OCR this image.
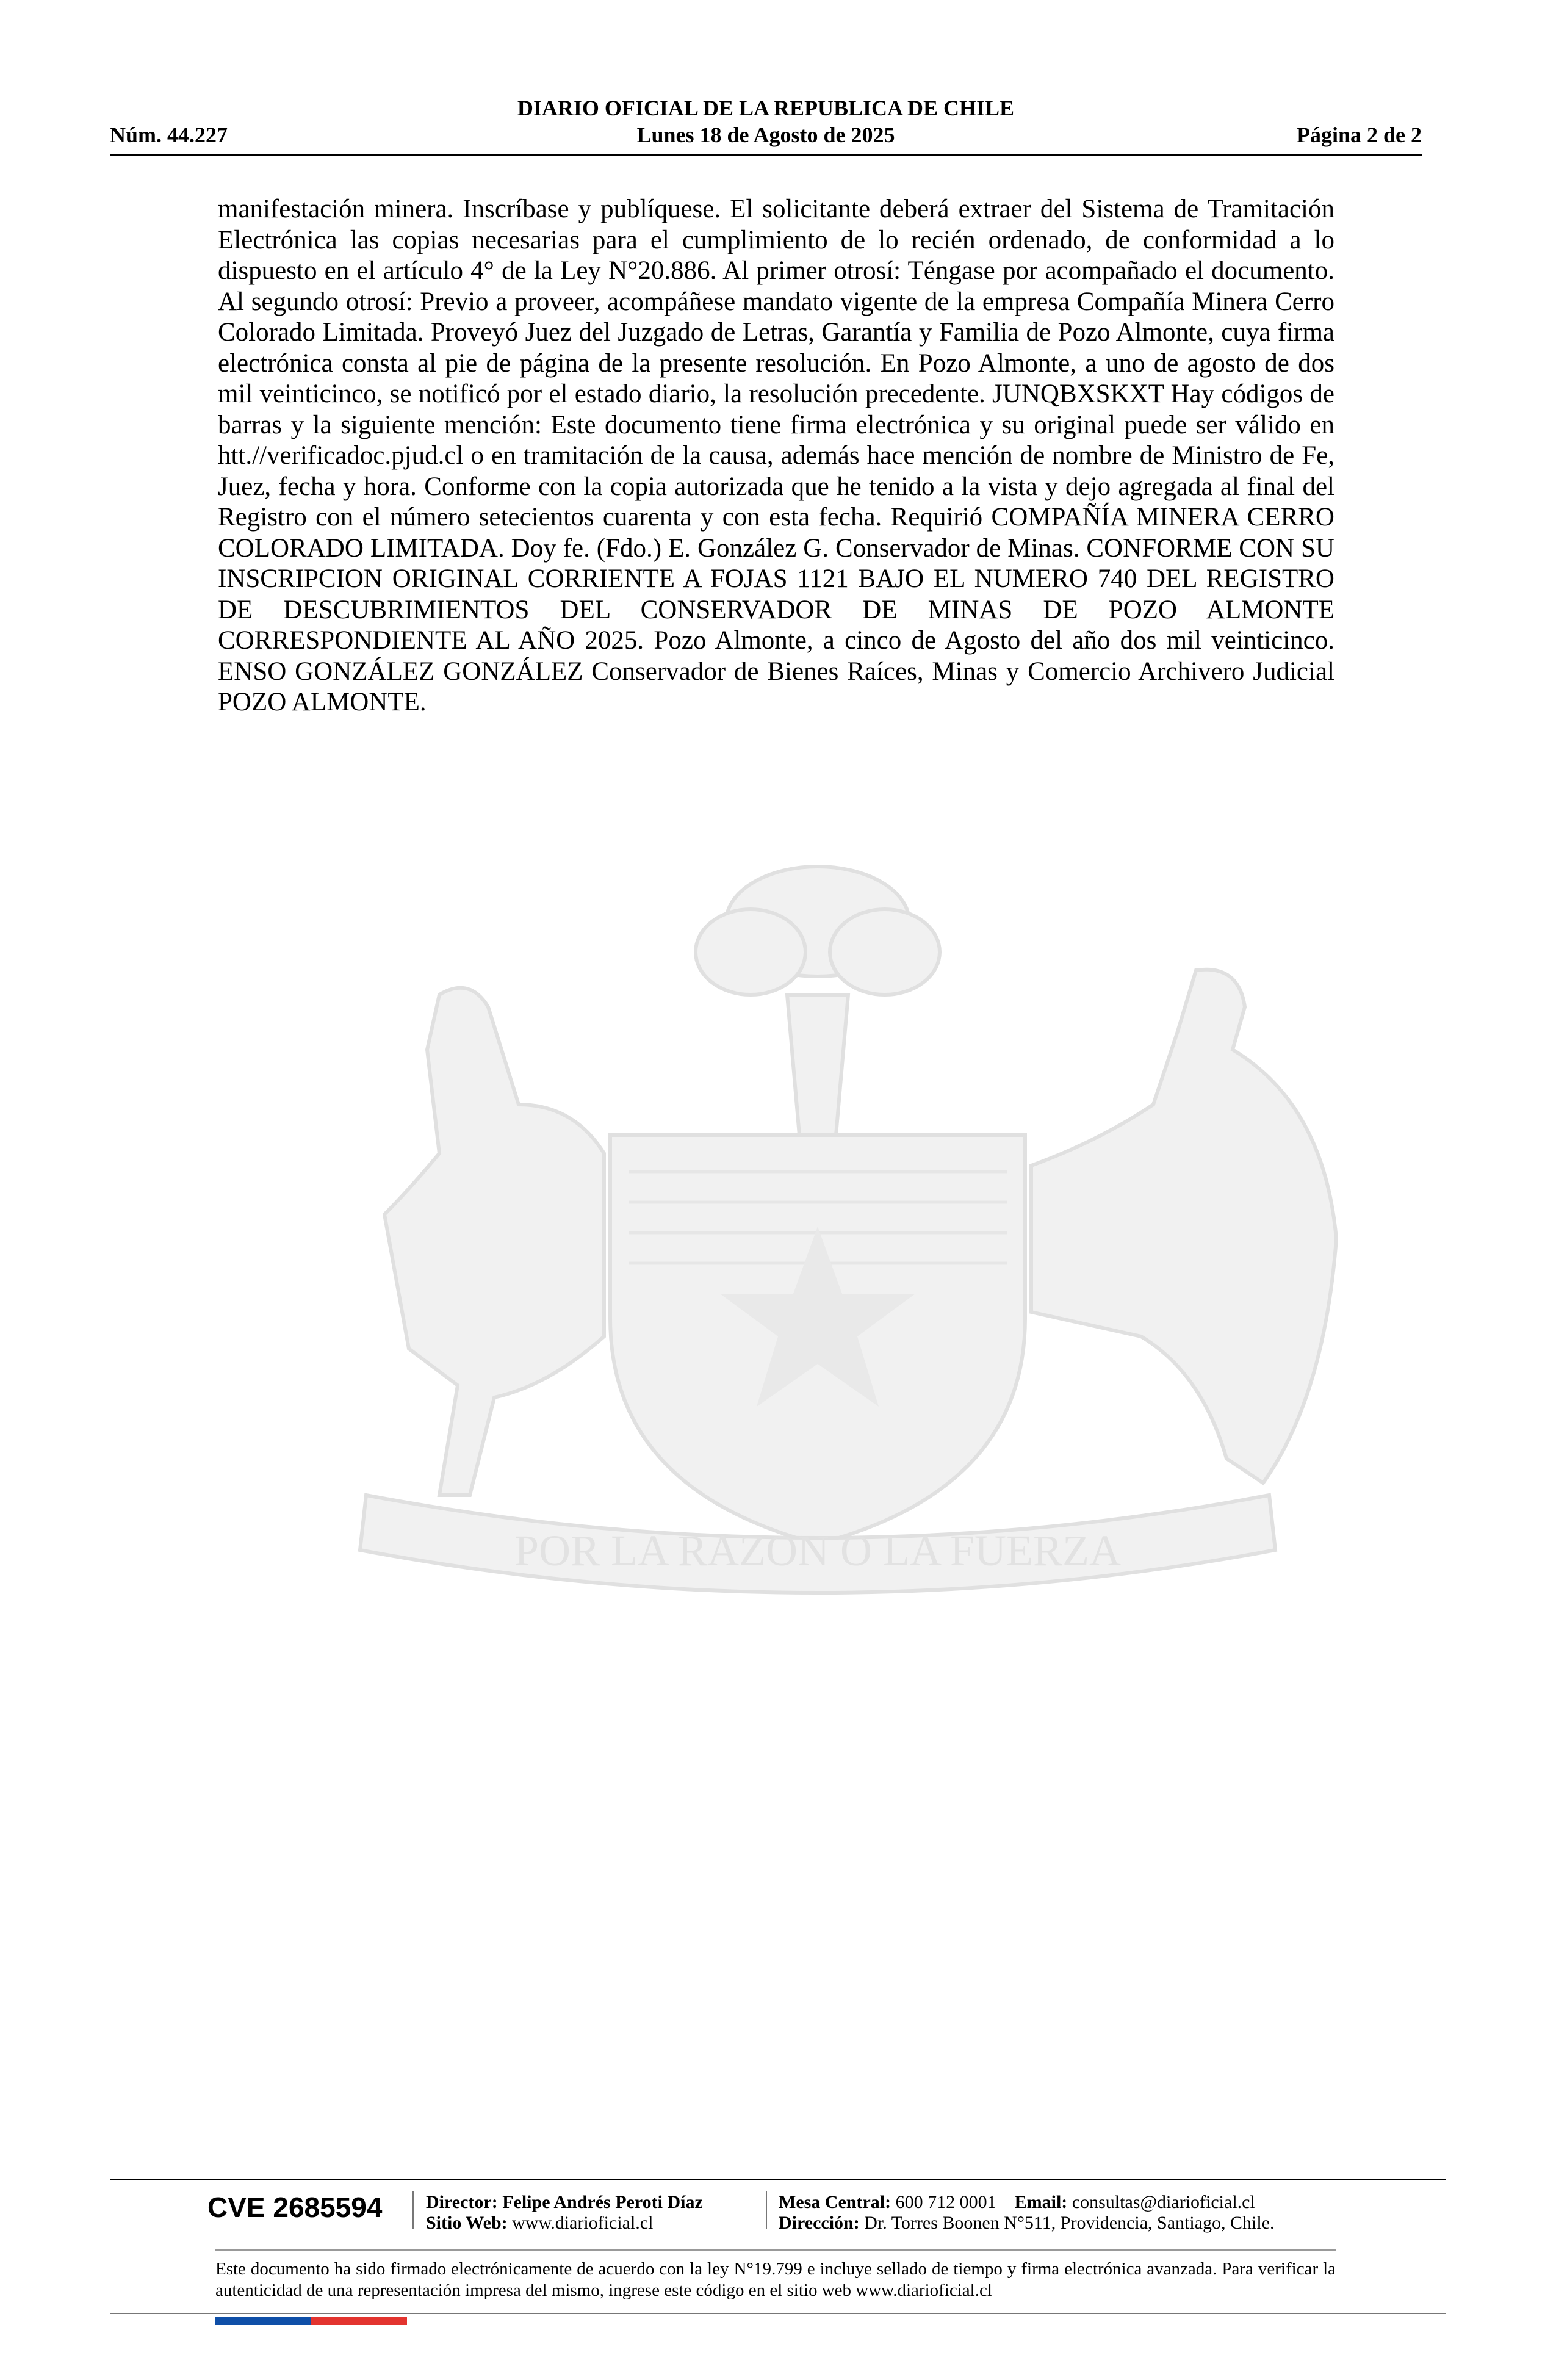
DIARIO OFICIAL DE LA REPUBLICA DE CHILE
Lunes 18 de Agosto de 2025
Núm. 44.227	Página 2 de 2

manifestación minera. Inscríbase y publíquese. El solicitante deberá extraer del Sistema de Tramitación Electrónica las copias necesarias para el cumplimiento de lo recién ordenado, de conformidad a lo dispuesto en el artículo 4° de la Ley N°20.886. Al primer otrosí: Téngase por acompañado el documento. Al segundo otrosí: Previo a proveer, acompáñese mandato vigente de la empresa Compañía Minera Cerro Colorado Limitada. Proveyó Juez del Juzgado de Letras, Garantía y Familia de Pozo Almonte, cuya firma electrónica consta al pie de página de la presente resolución. En Pozo Almonte, a uno de agosto de dos mil veinticinco, se notificó por el estado diario, la resolución precedente. JUNQBXSKXT Hay códigos de barras y la siguiente mención: Este documento tiene firma electrónica y su original puede ser válido en htt.//verificadoc.pjud.cl o en tramitación de la causa, además hace mención de nombre de Ministro de Fe, Juez, fecha y hora. Conforme con la copia autorizada que he tenido a la vista y dejo agregada al final del Registro con el número setecientos cuarenta y con esta fecha. Requirió COMPAÑÍA MINERA CERRO COLORADO LIMITADA. Doy fe. (Fdo.) E. González G. Conservador de Minas. CONFORME CON SU INSCRIPCION ORIGINAL CORRIENTE A FOJAS 1121 BAJO EL NUMERO 740 DEL REGISTRO DE DESCUBRIMIENTOS DEL CONSERVADOR DE MINAS DE POZO ALMONTE CORRESPONDIENTE AL AÑO 2025. Pozo Almonte, a cinco de Agosto del año dos mil veinticinco. ENSO GONZÁLEZ GONZÁLEZ Conservador de Bienes Raíces, Minas y Comercio Archivero Judicial POZO ALMONTE.

POR LA RAZON O LA FUERZA
CVE 2685594	Director: Felipe Andrés Peroti Díaz
Sitio Web: www.diarioficial.cl
Mesa Central: 600 712 0001 Email: consultas@diarioficial.cl
Dirección: Dr. Torres Boonen N°511, Providencia, Santiago, Chile.

Este documento ha sido firmado electrónicamente de acuerdo con la ley N°19.799 e incluye sellado de tiempo y firma electrónica avanzada. Para verificar la autenticidad de una representación impresa del mismo, ingrese este código en el sitio web www.diarioficial.cl
